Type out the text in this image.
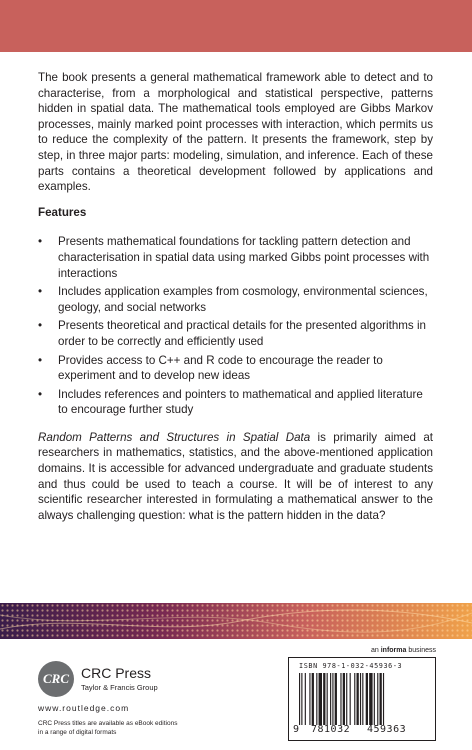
The book presents a general mathematical framework able to detect and to characterise, from a morphological and statistical perspective, patterns hidden in spatial data. The mathematical tools employed are Gibbs Markov processes, mainly marked point processes with interaction, which permits us to reduce the complexity of the pattern. It presents the framework, step by step, in three major parts: modeling, simulation, and inference. Each of these parts contains a theoretical development followed by applications and examples.

Features
• Presents mathematical foundations for tackling pattern detection and characterisation in spatial data using marked Gibbs point processes with interactions
• Includes application examples from cosmology, environmental sciences, geology, and social networks
• Presents theoretical and practical details for the presented algorithms in order to be correctly and efficiently used
• Provides access to C++ and R code to encourage the reader to experiment and to develop new ideas
• Includes references and pointers to mathematical and applied literature to encourage further study

Random Patterns and Structures in Spatial Data is primarily aimed at researchers in mathematics, statistics, and the above-mentioned application domains. It is accessible for advanced undergraduate and graduate students and thus could be used to teach a course. It will be of interest to any scientific researcher interested in formulating a mathematical answer to the always challenging question: what is the pattern hidden in the data?

an informa business
CRC CRC Press
Taylor & Francis Group
www.routledge.com
CRC Press titles are available as eBook editions in a range of digital formats
ISBN 978-1-032-45936-3
9 781032 459363
